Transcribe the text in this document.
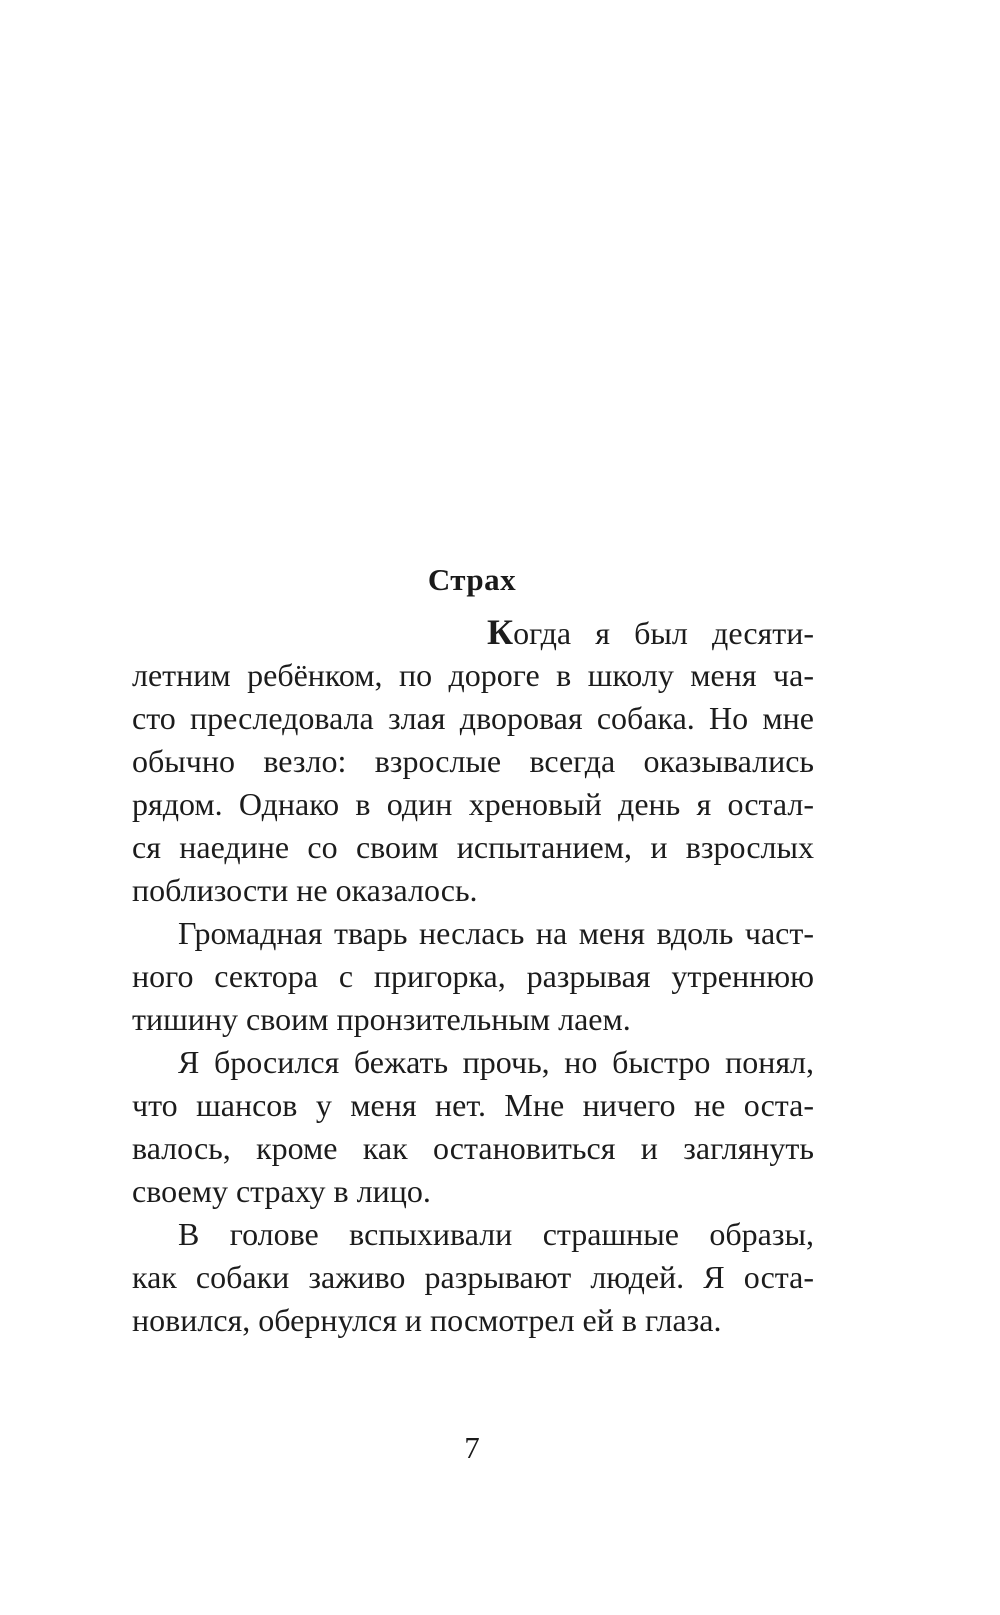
Страх
Когда я был десяти-
летним ребёнком, по дороге в школу меня ча-
сто преследовала злая дворовая собака. Но мне
обычно везло: взрослые всегда оказывались
рядом. Однако в один хреновый день я остал-
ся наедине со своим испытанием, и взрослых
поблизости не оказалось.
Громадная тварь неслась на меня вдоль част-
ного сектора с пригорка, разрывая утреннюю
тишину своим пронзительным лаем.
Я бросился бежать прочь, но быстро понял,
что шансов у меня нет. Мне ничего не оста-
валось, кроме как остановиться и заглянуть
своему страху в лицо.
В голове вспыхивали страшные образы,
как собаки заживо разрывают людей. Я оста-
новился, обернулся и посмотрел ей в глаза.
7
